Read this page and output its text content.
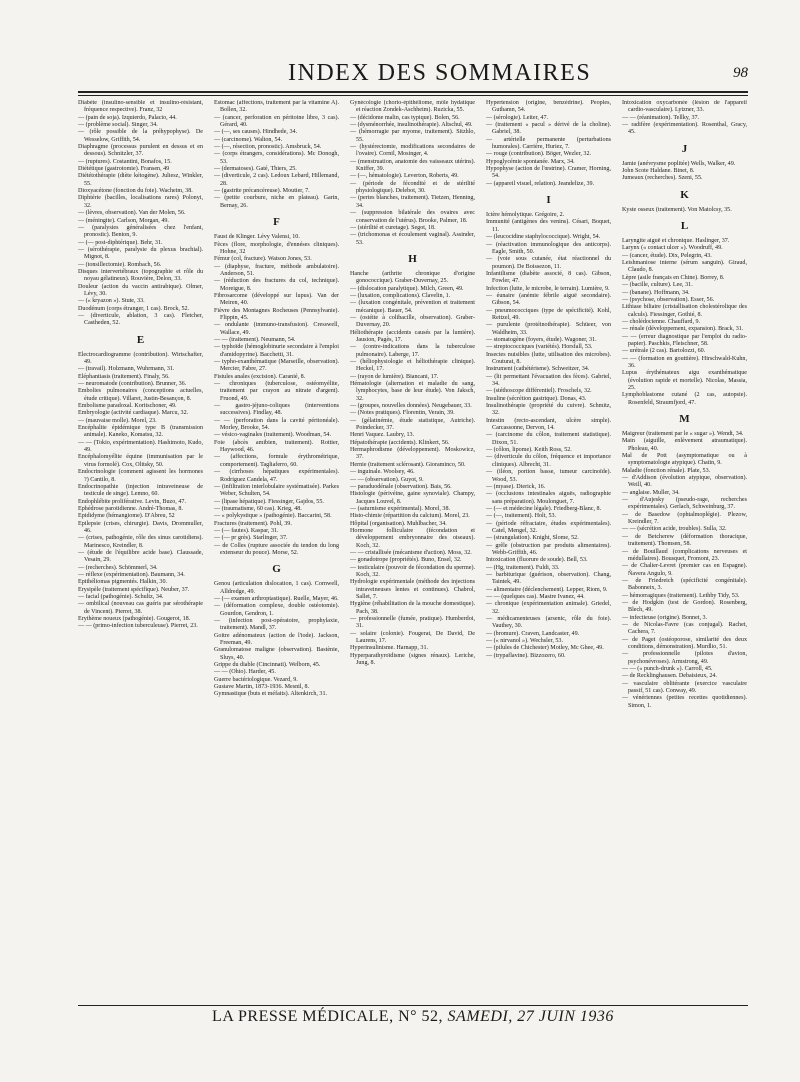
INDEX DES SOMMAIRES	98

Diabète (insulino-sensible et insulino-résistant, fréquence respective). Franz, 32

— (pain de soja). Izquierdo, Palacio, 44.

— (problème social). Singer, 34.

— (rôle possible de la préhypophyse). De Wesselow, Griffith, 54.

Diaphragme (processus purulent en dessus et en dessous). Schnitzler, 37.

— (ruptures). Costantini, Bonafos, 15.

Diététique (gastrotomie). Fransen, 49

Diététothérapie (diète kétogène). Juliesz, Winkler, 55.

Dioxyacétone (fonction du foie). Wacheim, 38.

Diphtérie (bacilles, localisations rares) Polonyi, 32.

— (lèvres, observation). Van der Molen, 56.

— (méningite). Carlson, Morgan, 49.

— (paralysies généralisées chez l'enfant, pronostic). Benton, 9.

— (— post-diphtérique). Behr, 31.

— (sérothérapie, paralysie du plexus brachial). Mignot, 8.

— (tonsillectomie). Rombach, 56.

Disques intervertébraux (topographie et rôle du noyau gélatineux). Rouvière, Delon, 33.

Douleur (action du vaccin antirabique). Olmer, Lévy, 30.

— (« kryazon »). Stute, 33.

Duodénum (corps étranger, 1 cas). Brock, 52.

— (diverticule, ablation, 3 cas). Fletcher, Castheden, 52.

E

Electrocardiogramme (contribution). Wirtschafter, 49.

— (travail). Holzmann, Wuhrmann, 31.

Eléphantiasis (traitement). Finaly, 56.

— neuromatode (contribution). Brunner, 36.

Embolies pulmonaires (conceptions actuelles, étude critique). Villaret, Justin-Besançon, 8.

Embolisme paradoxal. Koritschoner, 49.

Embryologie (activité cardiaque). Marcu, 32.

— (mauvaise molle). Morel, 23.

Encéphalite épidémique type B (transmission animale). Kaneko, Komatsu, 32.

— — (Tokio, expérimentation). Hashimoto, Kudo, 49.

Encéphalomyélite équine (immunisation par le virus formolé). Cox, Olitsky, 50.

Endocrinologie (comment agissent les hormones ?) Cantilo, 8.

Endocrinopathie (injection intraveineuse de testicule de singe). Lemno, 60.

Endophlébite proliférative. Levin, Buzo, 47.

Ephédrose parotidienne. André-Thomas, 8.

Epididyme (hémangiome). D'Abreu, 52

Epilepsie (crises, chirurgie). Davis, Drommuller, 46.

— (crises, pathogénie, rôle des sinus carotidiens). Marinesco, Kreindler, 8.

— (étude de l'équilibre acide base). Claussade, Vesain, 29.

— (recherches). Schömmerl, 34.

— réflexe (expérimentation). Baumann, 34.

Epithéliomas pigmentés. Halkin, 30.

Erysipèle (traitement spécifique). Neuber, 37.

— facial (pathogénie). Schultz, 34.

— ombilical (nouveau cas guéris par sérothérapie de Vincent). Pierret, 38.

Erythème noueux (pathogénie). Gougerot, 18.

— — (primo-infection tuberculeuse). Pierret, 23.

Estomac (affections, traitement par la vitamine A). Bollen, 32.

— (cancer, perforation en péritoine libre, 3 cas). Gérard, 40.

— (—, ses causes). Hindhede, 34.

— (carcinome). Walton, 54.

— (—, résection, pronostic). Amsbruck, 54.

— (corps étrangers, considérations). Mc Donogh, 53.

— (dermatoses). Gaté, Thiers, 25.

— (diverticule, 2 cas). Ledoux Lebard, Hillemand, 28.

— (gastrite précancéreuse). Moutier, 7.

— (petite courbure, niche en plateau). Garin, Bernay, 26.

F

Faust de Klinger. Lévy Valensi, 10.

Fèces (flore, morphologie, d'ennéses cliniques). Hohne, 32

Fémur (col, fracture). Watson Jones, 53.

— (diaphyse, fracture, méthode ambulatoire). Anderson, 51.

— (réduction des fractures du col, technique). Moreigue, 8.

Fibrosarcome (développé sur lupus). Van der Meiren, 40.

Fièvre des Montagnes Rocheuses (Pennsylvanie). Flippin, 45.

— ondulante (immuno-transfusion). Cresswell, Wallace, 49.

— — (traitement). Neumann, 54.

— typhoïde (hémoglobinurie secondaire à l'emploi d'amidopyrine). Bacchetti, 31.

— typho-exanthématique (Marseille, observation). Mercier, Fabre, 27.

Fistules anales (excision). Caranié, 8.

— chroniques (tuberculose, ostéomyélite, traitement par crayon au nitrate d'argent). Fruond, 49.

— gastro-jéjuno-coliques (interventions successives). Findlay, 48.

— — (perforation dans la cavité péritonéale). Morley, Brooke, 54.

— vésico-vaginales (traitement). Woodman, 54.

Foie (abcès amibien, traitement). Rottier, Haywood, 46.

— (affections, formule érythrométrique, comportement). Tagliaferro, 60.

— (cirrhoses hépatiques expérimentales). Rodriguez Candela, 47.

— (infiltration interlobulaire systématisée). Parkes Weber, Schulten, 54.

— (lipase hépatique). Fiessinger, Gajdos, 55.

— (traumatisme, 60 cas). Krieg, 48.

— « polykystique » (pathogénie). Baccarini, 58.

Fractures (traitement). Pohl, 39.

— (— fautes). Kaspar, 31.

— (— pr grès). Starlinger, 37.

— de Colles (rupture associée du tendon du long extenseur du pouce). Morse, 52.

G

Genou (articulation dislocation, 1 cas). Cornwell, Alldredge, 49.

— (— examen arthroptastique). Ruelle, Mayer, 46.

— (déformation complexe, double ostéotomie). Gourdon, Gendron, 1.

— (infection post-opératoire, prophylaxie, traitement). Mandl, 37.

Goitre adénomateux (action de l'iode). Jackson, Freeman, 49.

Granulomatose maligne (observation). Bastènie, Sluys, 40.

Grippe du diable (Cincinnati). Welborn, 45.

— — (Ohio). Harder, 45.

Guerre bactériologique. Vezard, 9.

Gustave Martin, 1873-1936. Mesnil, 8.

Gymnastique (buts et méfaits). Altenkirch, 31.

Gynécologie (chorio-épithéliome, môle hydatique et réaction Zondek-Aschheim). Ruzicka, 55.

— (décidome malin, cas typique). Bolen, 56.

— (dysménorrhée, insulinothérapie). Altschul, 49.

— (hémorragie par myome, traitement). Sitzhlo, 55.

— (hystérectomie, modifications secondaires de l'ovaire). Cornil, Mosinger, 4.

— (menstruation, anatomie des vaisseaux utérins). Kniffer, 39.

— (—, hématologie). Leverton, Roberts, 49.

— (période de fécondité et de stérilité physiologique). Delebot, 30.

— (pertes blanches, traitement). Tietzen, Henning, 34.

— (suppression bilatérale des ovaires avec conservation de l'utérus). Brooke, Palmer, 18.

— (stérilité et curetage). Segot, 18.

— (trichomonas et écoulement vaginal). Assinder, 53.

H

Hanche (arthrite chronique d'origine gonococcique). Graber-Duvernay, 25.

— (dislocation paralytique). Milch, Green, 49.

— (luxation, complications). Clavelin, 1.

— (luxation congénitale, prévention et traitement mécanique). Bauer, 54.

— (ostéite à colibacille, observation). Graber-Duvernay, 20.

Héliothérapie (accidents causés par la lumière). Jausion, Pagès, 17.

— (contre-indications dans la tuberculose pulmonaire). Laberge, 17.

— (héliophysiologie et héliothérapie clinique). Heckel, 17.

— (rayon de lumière). Biancani, 17.

Hématologie (alternation et maladie du sang, lymphocytes, base de leur étude). Von Jaksch, 32.

— (groupes, nouvelles données). Neugebauer, 33.

— (Notes pratiques). Florentin, Verain, 39.

— (gélatinémie, étude statistique, Autriche). Poindecker, 37.

Henri Vaquez. Laubry, 13.

Hépatothérapie (accidents). Klinkert, 56.

Hermaphrodisme (développement). Moskowicz, 37.

Hernie (traitement sclérosant). Gioraminco, 50.

— inguinale. Woolsey, 46.

— — (observation). Guyot, 9.

— paraduodénale (observation). Bais, 56.

Histologie (périvéine, gaine synoviale). Champy, Jacques Louvel, 8.

— (saturnisme expérimental). Morel, 38.

Histo-chimie (répartition du calcium). Morel, 23.

Hôpital (organisation). Muhlbacher, 34.

Hormone folliculaire (fécondation et développement embryonnaire des oiseaux). Koch, 32.

— — cristallisée (mécanisme d'action). Moss, 32.

— gonadotrope (propriétés). Buno, Ensel, 32.

— testiculaire (pouvoir de fécondation du sperme). Koch, 32.

Hydrologie expérimentale (méthode des injections intraveineuses lentes et continues). Chabrol, Sallet, 7.

Hygiène (réhabilitation de la mouche domestique). Pach, 38.

— professionnelle (fumée, pratique). Humberdoi, 31.

— solaire (colonie). Fougerat, De David, De Laurens, 17.

Hyperinsulinisme. Harnapp, 31.

Hyperparathyroïdisme (signes rénaux). Leriche, Jung, 8.

Hypertension (origine, benzédrine). Peoples, Guthamn, 54.

— (sérologie). Leiter, 47.

— (traitement « pacul » dérivé de la choline). Gabriel, 38.

— artérielle permanente (perturbations humorales). Carrière, Huriez, 7.

— rouge (contribution). Böger, Wezler, 32.

Hypoglycémie spontanée. Marx, 34.

Hypophyse (action de l'œstrine). Cramer, Horning, 54.

— (appareil visuel, relation). Jeandelize, 39.

I

Ictère hémolytique. Grégoire, 2.

Immunité (antigènes des venins). Césari, Boquet, 11.

— (leucocidine staphylococcique). Wright, 54.

— (réactivation immunologique des anticorps). Eagle, Smith, 50.

— (voie sous cutanée, état réactionnel du poumon). De Boissezon, 11.

Infantilisme (diabète associé, 8 cas). Gibson, Fowler, 47.

Infection (lutte, le microbe, le terrain). Lumière, 9.

— éunaire (anémie fébrile aiguë secondaire). Gibson, 54.

— pneumococciques (type de spécificité). Kohl, Reitzel, 49.

— purulente (protéinothérapie). Schüeer, von Waldheim, 33.

— stomatogène (foyers, étude). Wagoner, 31.

— streptococciques (variétés). Horsfall, 53.

Insectes nuisibles (lutte, utilisation des microbes). Couturat, 8.

Instrument (cathétérisme). Schweitzer, 34.

— (lit permettant l'évacuation des fèces). Gabriel, 34.

— (stéthoscope différentiel). Froschels, 32.

Insuline (sécrétion gastrique). Donas, 43.

Insulinothérapie (propriété du cuivre). Schmitz, 32.

Intestin (recto-ascendant, ulcère simple). Carcassonne, Dervon, 14.

— (carcinome du côlon, traitement statistique). Dixon, 51.

— (côlon, lipome). Keith Ross, 52.

— (diverticule du côlon, fréquence et importance cliniques). Albrecht, 31.

— (iléon, portion basse, tumeur carcinoïde). Wood, 53.

— (myase). Dierick, 16.

— (occlusions intestinales aiguës, radiographie sans préparation). Moulonguet, 7.

— (— et médecine légale). Friedberg-Blanc, 8.

— (—, traitement). Holt, 53.

— (période réfractaire, études expérimentales). Catel, Mengel, 32.

— (strangulation). Knight, Slome, 52.

— grêle (obstruction par produits alimentaires). Webb-Griffith, 46.

Intoxication (fluorure de soude). Bell, 53.

— (Hg, traitement). Fuldi, 33.

— barbiturique (guérison, observation). Chang, Taintek, 49.

— alimentaire (déclenchement). Lepper, Riom, 9.

— — (quelques cas). Mastre Ivanez, 44.

— chronique (expérimentation animale). Griedel, 32.

— médicamenteuses (arsenic, rôle du foie). Vauthey, 30.

— (bromure). Craven, Landcaster, 49.

— (« nirvanol »). Wechsler, 53.

— (pilules de Chichester) Motley, Mc Ghee, 49.

— (trypaflavine). Bizzozero, 60.

Intoxication oxycarbonée (lésion de l'appareil cardio-vasculaire). Lytzner, 33.

— — (réanimation). Tellky, 37.

— radifère (expérimentation). Rosenthal, Gracy, 45.

J

Jamie (anévrysme poplitée) Wells, Walker, 49.

John Scote Haldane. Binet, 8.

Jumeaux (recherches). Szeni, 55.

K

Kyste osseux (traitement). Von Matolcsy, 35.

L

Laryngite aiguë et chronique. Haslinger, 37.

Larynx (« contact ulcer »). Woodruff, 49.

— (cancer, étude). Dix, Pelegrin, 43.

Leishmaniose interne (sérum sanguin). Giraud, Claudo, 8.

Lèpre (asile français en Chine). Borrey, 8.

— (bacille, culture). Lee, 31.

— (banane). Hoffmann, 34.

— (psychose, observation). Esser, 56.

Lithiase biliaire (cristallisation cholestérolique des calculs). Fiessinger, Gothié, 8.

— cholédocienne. Chauffard, 9.

— rénale (développement, expansion). Brack, 31.

— — (erreur diagnostique par l'emploi du radio-papier). Paschkis, Fleischner, 58.

— urétrale (2 cas). Bartolozzi, 60.

— — (formation en gouttière). Hirschwald-Kuhn, 36.

Lupus érythémateux aigu exanthématique (évolution rapide et mortelle). Nicolas, Massia, 25.

Lymphoblastome cutané (2 cas, autopsie). Rosenfeld, Straumfjord, 47.

M

Maigreur (traitement par le « sugar »). Wendt, 34.

Main (aiguille, enlèvement atraumatique). Pholeau, 40.

Mal de Pott (asymptomatique ou à symptomatologie atypique). Chatin, 9.

Maladie (fonction rénale). Plate, 53.

— d'Addison (évolution atypique, observation). Weill, 40.

— anglaise. Muller, 34.

— d'Aujesky (pseudo-rage, recherches expérimentales). Gerlach, Schweinburg, 37.

— de Basedow (ophtalmoplégie). Plezow, Kreindler, 7.

— — (sécrétion acide, troubles). Sulla, 32.

— de Betcherew (déformation thoracique, traitement). Thomsen, 58.

— de Bouillaud (complications nerveuses et médullaires). Bousquet, Fromont, 23.

— de Chalier-Levret (premier cas en Espagne). Ñavera Angulo, 9.

— de Friedreich (spécificité congénitale). Babonneix, 3.

— hémorragiques (traitement). Lethby Tidy, 53.

— de Hodgkin (test de Gordon). Rosenberg, Blech, 49.

— infectieuse (origine). Bonnet, 3.

— de Nicolas-Favre (cas conjugal). Rachet, Cachera, 7.

— de Paget (ostéoporose, similarité des deux conditions, démonstration). Murdlio, 51.

— professionnelle (pilotes d'avion, psychonévroses). Armstrong, 49.

— — (« punch-drunk »). Carroll, 45.

— de Recklinghausen. Debaisieux, 24.

— vasculaire oblitérante (exercice vasculaire passif, 51 cas). Conway, 49.

— vénériennes (petites recettes quotidiennes). Simon, 1.

LA PRESSE MÉDICALE, N° 52, SAMEDI, 27 JUIN 1936
